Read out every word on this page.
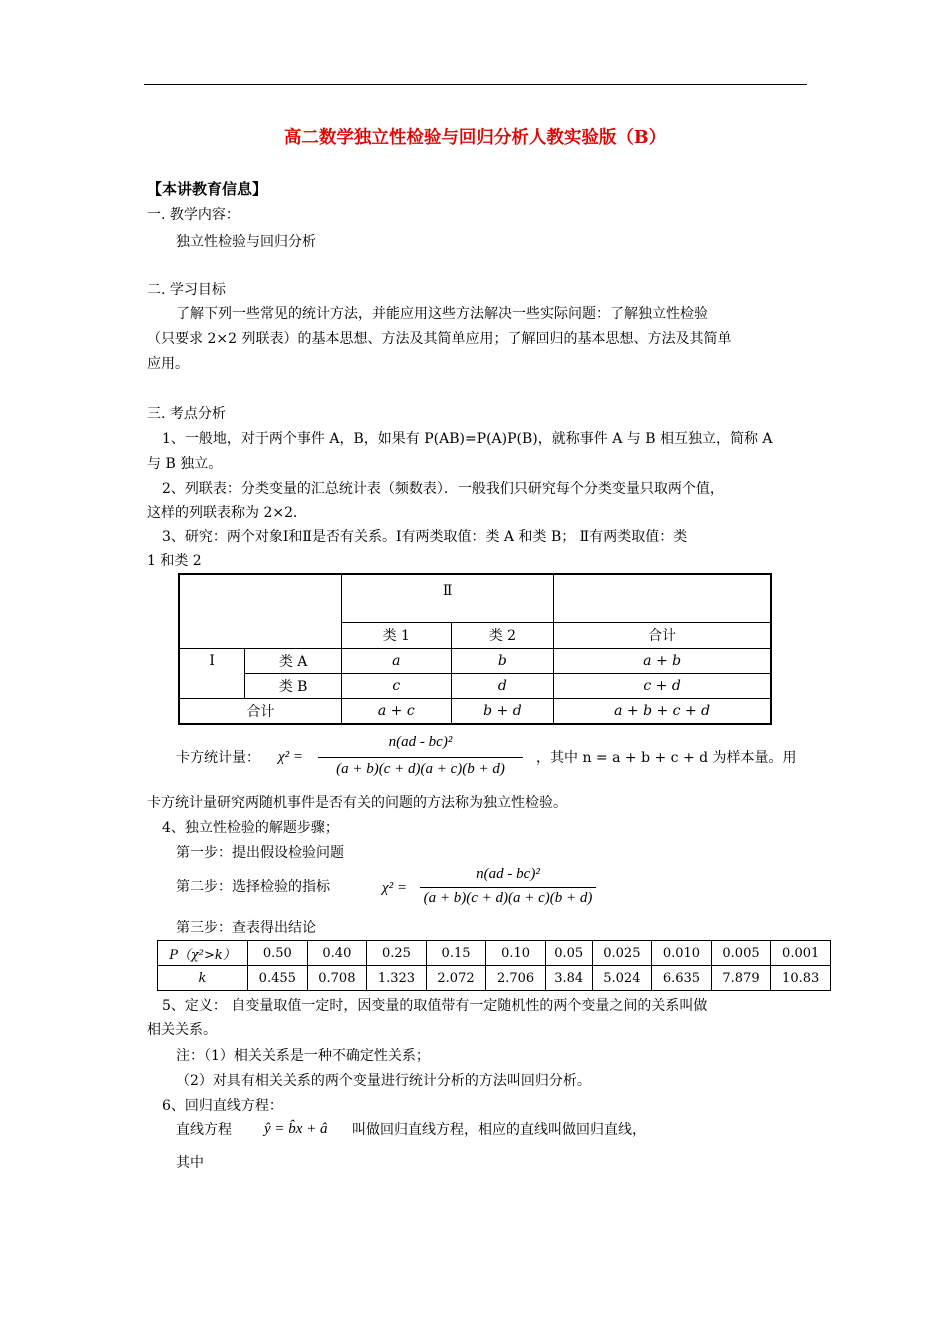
高二数学独立性检验与回归分析人教实验版（B）
【本讲教育信息】
一. 教学内容：
独立性检验与回归分析
二. 学习目标
了解下列一些常见的统计方法，并能应用这些方法解决一些实际问题：了解独立性检验
（只要求 2×2 列联表）的基本思想、方法及其简单应用；了解回归的基本思想、方法及其简单
应用。
三. 考点分析
1、一般地，对于两个事件 A，B，如果有 P(AB)=P(A)P(B)，就称事件 A 与 B 相互独立，简称 A
与 B 独立。
2、列联表：分类变量的汇总统计表（频数表）．一般我们只研究每个分类变量只取两个值，
这样的列联表称为 2×2．
3、研究：两个对象Ⅰ和Ⅱ是否有关系。Ⅰ有两类取值：类 A 和类 B； Ⅱ有两类取值：类
1 和类 2
		Ⅱ		
		类 1	类 2	合计
Ⅰ	类 A	a	b	a + b
	类 B	c	d	c + d
合计		a + c	b + d	a + b + c + d
卡方统计量： χ² =
n(ad - bc)²
(a + b)(c + d)(a + c)(b + d)
，其中 n = a + b + c + d 为样本量。用
卡方统计量研究两随机事件是否有关的问题的方法称为独立性检验。
4、独立性检验的解题步骤；
第一步：提出假设检验问题
第二步：选择检验的指标	χ² =
n(ad - bc)²
(a + b)(c + d)(a + c)(b + d)
第三步：查表得出结论
P（χ²>k）	0.50	0.40	0.25	0.15	0.10	0.05	0.025	0.010	0.005	0.001
k	0.455	0.708	1.323	2.072	2.706	3.84	5.024	6.635	7.879	10.83
5、定义： 自变量取值一定时，因变量的取值带有一定随机性的两个变量之间的关系叫做
相关关系。
注：（1）相关关系是一种不确定性关系；
（2）对具有相关关系的两个变量进行统计分析的方法叫回归分析。
6、回归直线方程：
直线方程 ŷ = b̂x + â 叫做回归直线方程，相应的直线叫做回归直线，
其中
